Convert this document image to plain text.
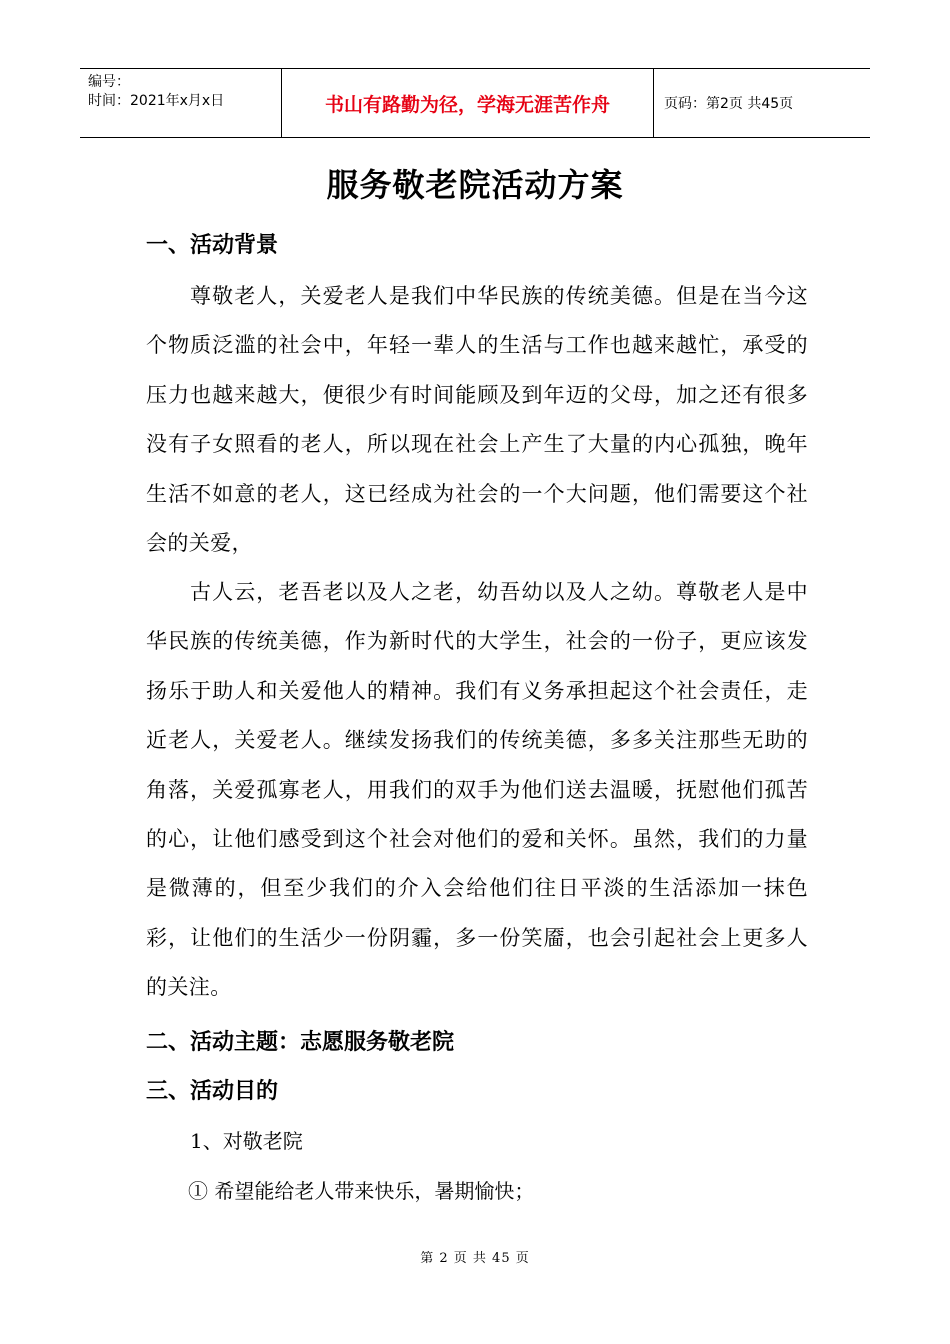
编号：
时间：2021年x月x日	书山有路勤为径，学海无涯苦作舟	页码：第2页 共45页
服务敬老院活动方案
一、活动背景
尊敬老人，关爱老人是我们中华民族的传统美德。但是在当今这个物质泛滥的社会中，年轻一辈人的生活与工作也越来越忙，承受的压力也越来越大，便很少有时间能顾及到年迈的父母，加之还有很多没有子女照看的老人，所以现在社会上产生了大量的内心孤独，晚年生活不如意的老人，这已经成为社会的一个大问题，他们需要这个社会的关爱，
古人云，老吾老以及人之老，幼吾幼以及人之幼。尊敬老人是中华民族的传统美德，作为新时代的大学生，社会的一份子，更应该发扬乐于助人和关爱他人的精神。我们有义务承担起这个社会责任，走近老人，关爱老人。继续发扬我们的传统美德，多多关注那些无助的角落，关爱孤寡老人，用我们的双手为他们送去温暖，抚慰他们孤苦的心，让他们感受到这个社会对他们的爱和关怀。虽然，我们的力量是微薄的，但至少我们的介入会给他们往日平淡的生活添加一抹色彩，让他们的生活少一份阴霾，多一份笑靥，也会引起社会上更多人的关注。
二、活动主题：志愿服务敬老院
三、活动目的
1、对敬老院
① 希望能给老人带来快乐，暑期愉快；
第 2 页 共 45 页
